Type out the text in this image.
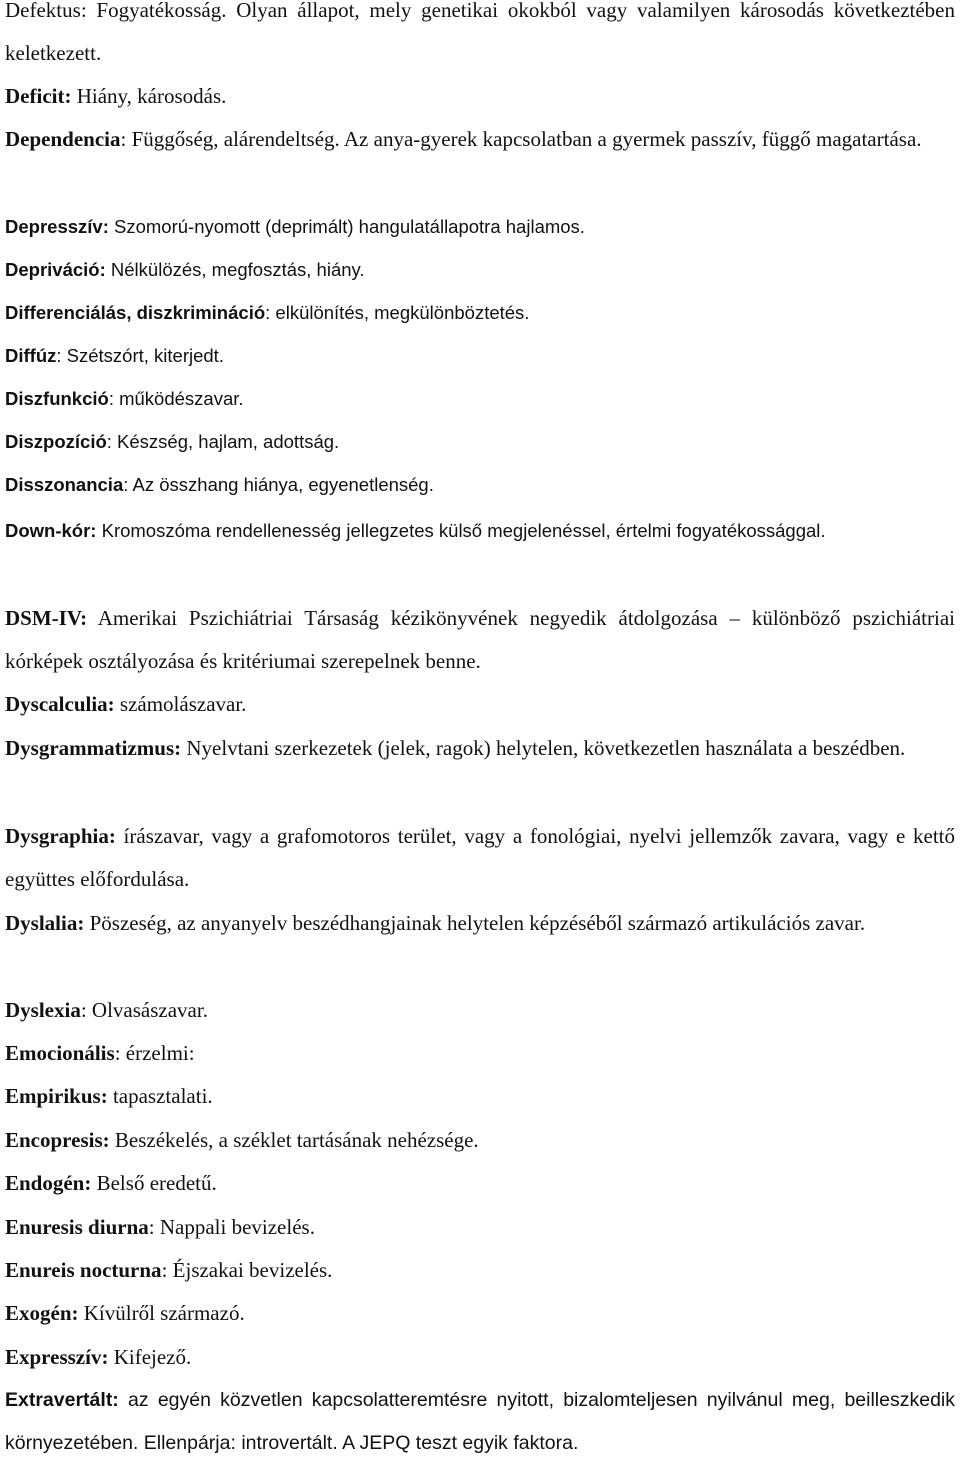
Defektus: Fogyatékosság. Olyan állapot, mely genetikai okokból vagy valamilyen károsodás következtében keletkezett.

Deficit: Hiány, károsodás.

Dependencia: Függőség, alárendeltség. Az anya-gyerek kapcsolatban a gyermek passzív, függő magatartása.

Depresszív: Szomorú-nyomott (deprimált) hangulatállapotra hajlamos.

Depriváció: Nélkülözés, megfosztás, hiány.

Differenciálás, diszkrimináció: elkülönítés, megkülönböztetés.

Diffúz: Szétszórt, kiterjedt.

Diszfunkció: működészavar.

Diszpozíció: Készség, hajlam, adottság.

Disszonancia: Az összhang hiánya, egyenetlenség.

Down-kór: Kromoszóma rendellenesség jellegzetes külső megjelenéssel, értelmi fogyatékossággal.

DSM-IV: Amerikai Pszichiátriai Társaság kézikönyvének negyedik átdolgozása – különböző pszichiátriai kórképek osztályozása és kritériumai szerepelnek benne.

Dyscalculia: számolászavar.

Dysgrammatizmus: Nyelvtani szerkezetek (jelek, ragok) helytelen, következetlen használata a beszédben.

Dysgraphia: írászavar, vagy a grafomotoros terület, vagy a fonológiai, nyelvi jellemzők zavara, vagy e kettő együttes előfordulása.

Dyslalia: Pöszeség, az anyanyelv beszédhangjainak helytelen képzéséből származó artikulációs zavar.

Dyslexia: Olvasászavar.

Emocionális: érzelmi:

Empirikus: tapasztalati.

Encopresis: Beszékelés, a széklet tartásának nehézsége.

Endogén: Belső eredetű.

Enuresis diurna: Nappali bevizelés.

Enureis nocturna: Éjszakai bevizelés.

Exogén: Kívülről származó.

Expresszív: Kifejező.

Extravertált: az egyén közvetlen kapcsolatteremtésre nyitott, bizalomteljesen nyilvánul meg, beilleszkedik környezetében. Ellenpárja: introvertált. A JEPQ teszt egyik faktora.
